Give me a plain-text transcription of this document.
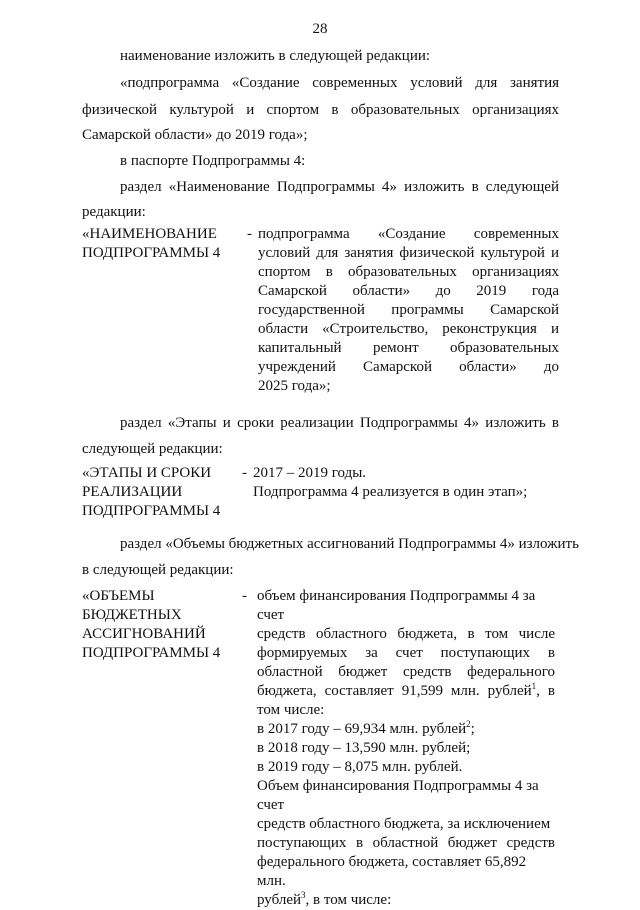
28

наименование изложить в следующей редакции:

«подпрограмма «Создание современных условий для занятия

физической культурой и спортом в образовательных организациях

Самарской области» до 2019 года»;

в паспорте Подпрограммы 4:

раздел «Наименование Подпрограммы 4» изложить в следующей

редакции:

«НАИМЕНОВАНИЕ
ПОДПРОГРАММЫ 4
- подпрограмма «Создание современных
условий для занятия физической культурой и
спортом в образовательных организациях
Самарской области» до 2019 года
государственной программы Самарской
области «Строительство, реконструкция и
капитальный ремонт образовательных
учреждений Самарской области» до
2025 года»;

раздел «Этапы и сроки реализации Подпрограммы 4» изложить в

следующей редакции:

«ЭТАПЫ И СРОКИ
РЕАЛИЗАЦИИ
ПОДПРОГРАММЫ 4
- 2017 – 2019 годы.
Подпрограмма 4 реализуется в один этап»;

раздел «Объемы бюджетных ассигнований Подпрограммы 4» изложить

в следующей редакции:

«ОБЪЕМЫ
БЮДЖЕТНЫХ
АССИГНОВАНИЙ
ПОДПРОГРАММЫ 4
- объем финансирования Подпрограммы 4 за счет
средств областного бюджета, в том числе
формируемых за счет поступающих в
областной бюджет средств федерального
бюджета, составляет 91,599 млн. рублей$^1$, в
том числе:
в 2017 году – 69,934 млн. рублей$^2$;
в 2018 году – 13,590 млн. рублей;
в 2019 году – 8,075 млн. рублей.
Объем финансирования Подпрограммы 4 за счет
средств областного бюджета, за исключением
поступающих в областной бюджет средств
федерального бюджета, составляет 65,892 млн.
рублей$^3$, в том числе:
